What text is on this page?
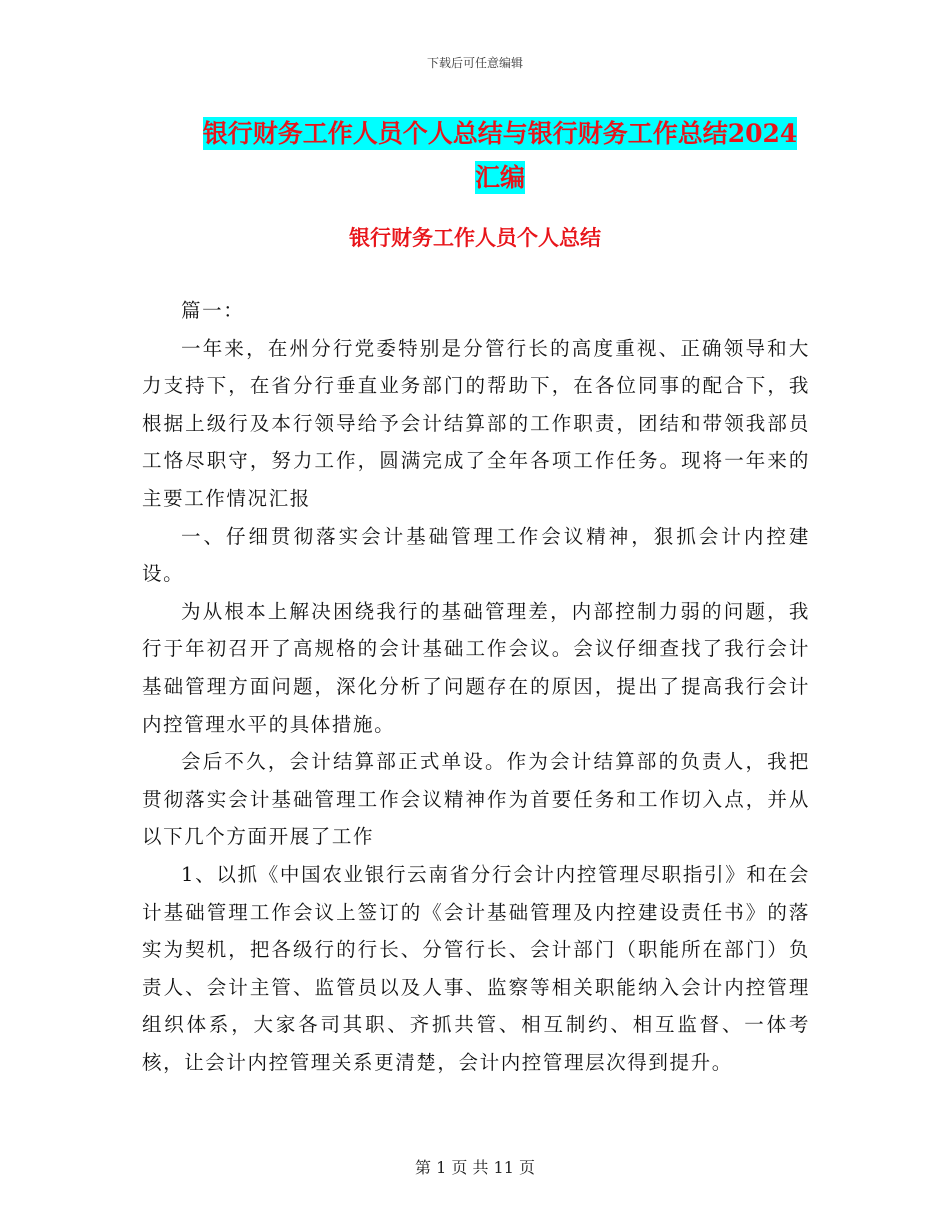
下载后可任意编辑
银行财务工作人员个人总结与银行财务工作总结2024
汇编
银行财务工作人员个人总结

篇一：

一年来，在州分行党委特别是分管行长的高度重视、正确领导和大力支持下，在省分行垂直业务部门的帮助下，在各位同事的配合下，我根据上级行及本行领导给予会计结算部的工作职责，团结和带领我部员工恪尽职守，努力工作，圆满完成了全年各项工作任务。现将一年来的主要工作情况汇报

一、仔细贯彻落实会计基础管理工作会议精神，狠抓会计内控建设。

为从根本上解决困绕我行的基础管理差，内部控制力弱的问题，我行于年初召开了高规格的会计基础工作会议。会议仔细查找了我行会计基础管理方面问题，深化分析了问题存在的原因，提出了提高我行会计内控管理水平的具体措施。

会后不久，会计结算部正式单设。作为会计结算部的负责人，我把贯彻落实会计基础管理工作会议精神作为首要任务和工作切入点，并从以下几个方面开展了工作

1、以抓《中国农业银行云南省分行会计内控管理尽职指引》和在会计基础管理工作会议上签订的《会计基础管理及内控建设责任书》的落实为契机，把各级行的行长、分管行长、会计部门（职能所在部门）负责人、会计主管、监管员以及人事、监察等相关职能纳入会计内控管理组织体系，大家各司其职、齐抓共管、相互制约、相互监督、一体考核，让会计内控管理关系更清楚，会计内控管理层次得到提升。

第 1 页 共 11 页
